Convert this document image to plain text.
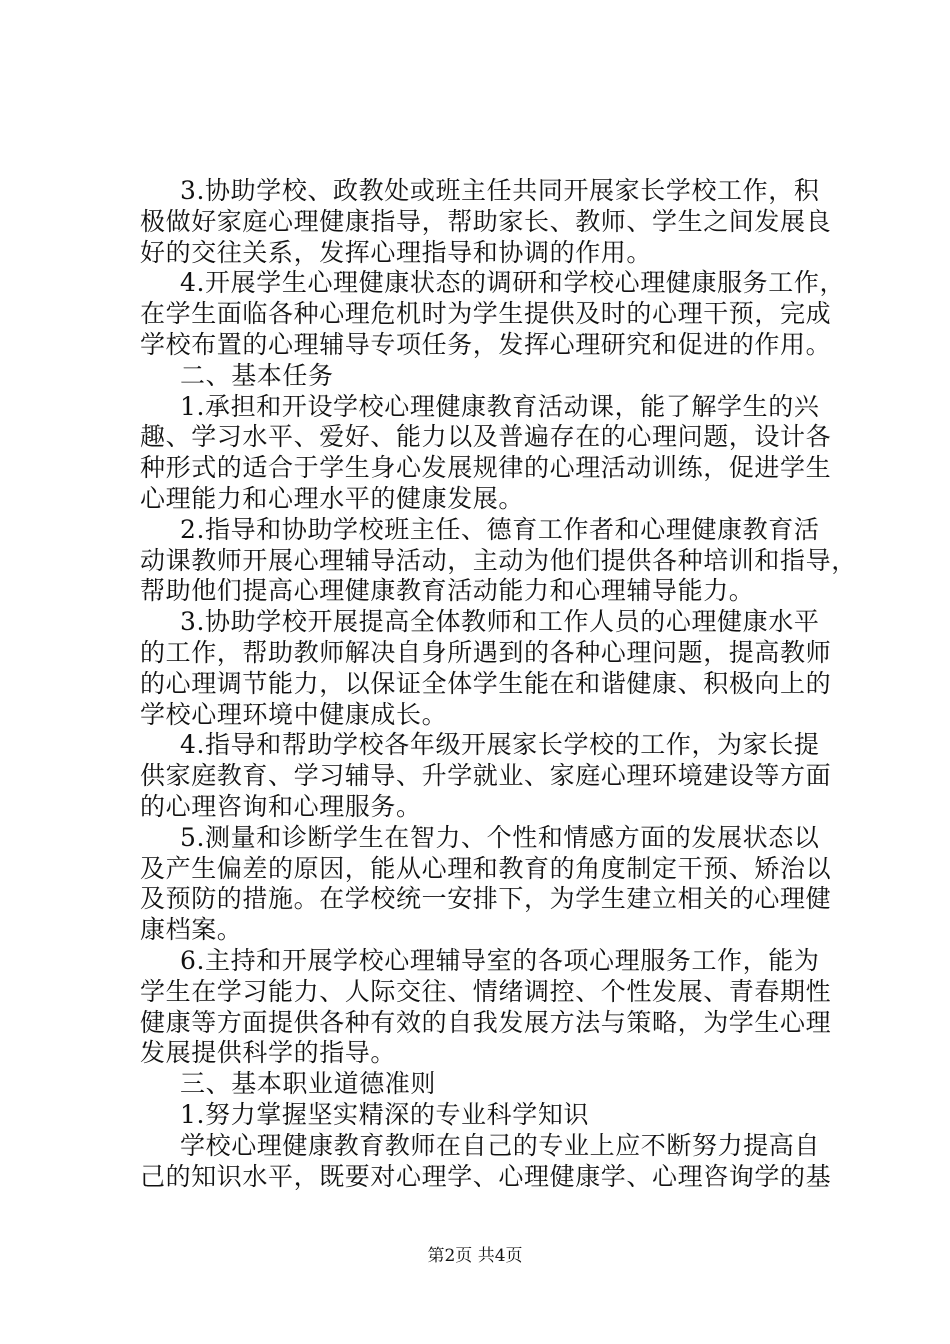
3.协助学校、政教处或班主任共同开展家长学校工作，积
极做好家庭心理健康指导，帮助家长、教师、学生之间发展良
好的交往关系，发挥心理指导和协调的作用。
4.开展学生心理健康状态的调研和学校心理健康服务工作，
在学生面临各种心理危机时为学生提供及时的心理干预，完成
学校布置的心理辅导专项任务，发挥心理研究和促进的作用。
二、基本任务
1.承担和开设学校心理健康教育活动课，能了解学生的兴
趣、学习水平、爱好、能力以及普遍存在的心理问题，设计各
种形式的适合于学生身心发展规律的心理活动训练，促进学生
心理能力和心理水平的健康发展。
2.指导和协助学校班主任、德育工作者和心理健康教育活
动课教师开展心理辅导活动，主动为他们提供各种培训和指导，
帮助他们提高心理健康教育活动能力和心理辅导能力。
3.协助学校开展提高全体教师和工作人员的心理健康水平
的工作，帮助教师解决自身所遇到的各种心理问题，提高教师
的心理调节能力，以保证全体学生能在和谐健康、积极向上的
学校心理环境中健康成长。
4.指导和帮助学校各年级开展家长学校的工作，为家长提
供家庭教育、学习辅导、升学就业、家庭心理环境建设等方面
的心理咨询和心理服务。
5.测量和诊断学生在智力、个性和情感方面的发展状态以
及产生偏差的原因，能从心理和教育的角度制定干预、矫治以
及预防的措施。在学校统一安排下，为学生建立相关的心理健
康档案。
6.主持和开展学校心理辅导室的各项心理服务工作，能为
学生在学习能力、人际交往、情绪调控、个性发展、青春期性
健康等方面提供各种有效的自我发展方法与策略，为学生心理
发展提供科学的指导。
三、基本职业道德准则
1.努力掌握坚实精深的专业科学知识
学校心理健康教育教师在自己的专业上应不断努力提高自
己的知识水平，既要对心理学、心理健康学、心理咨询学的基
第2页 共4页
